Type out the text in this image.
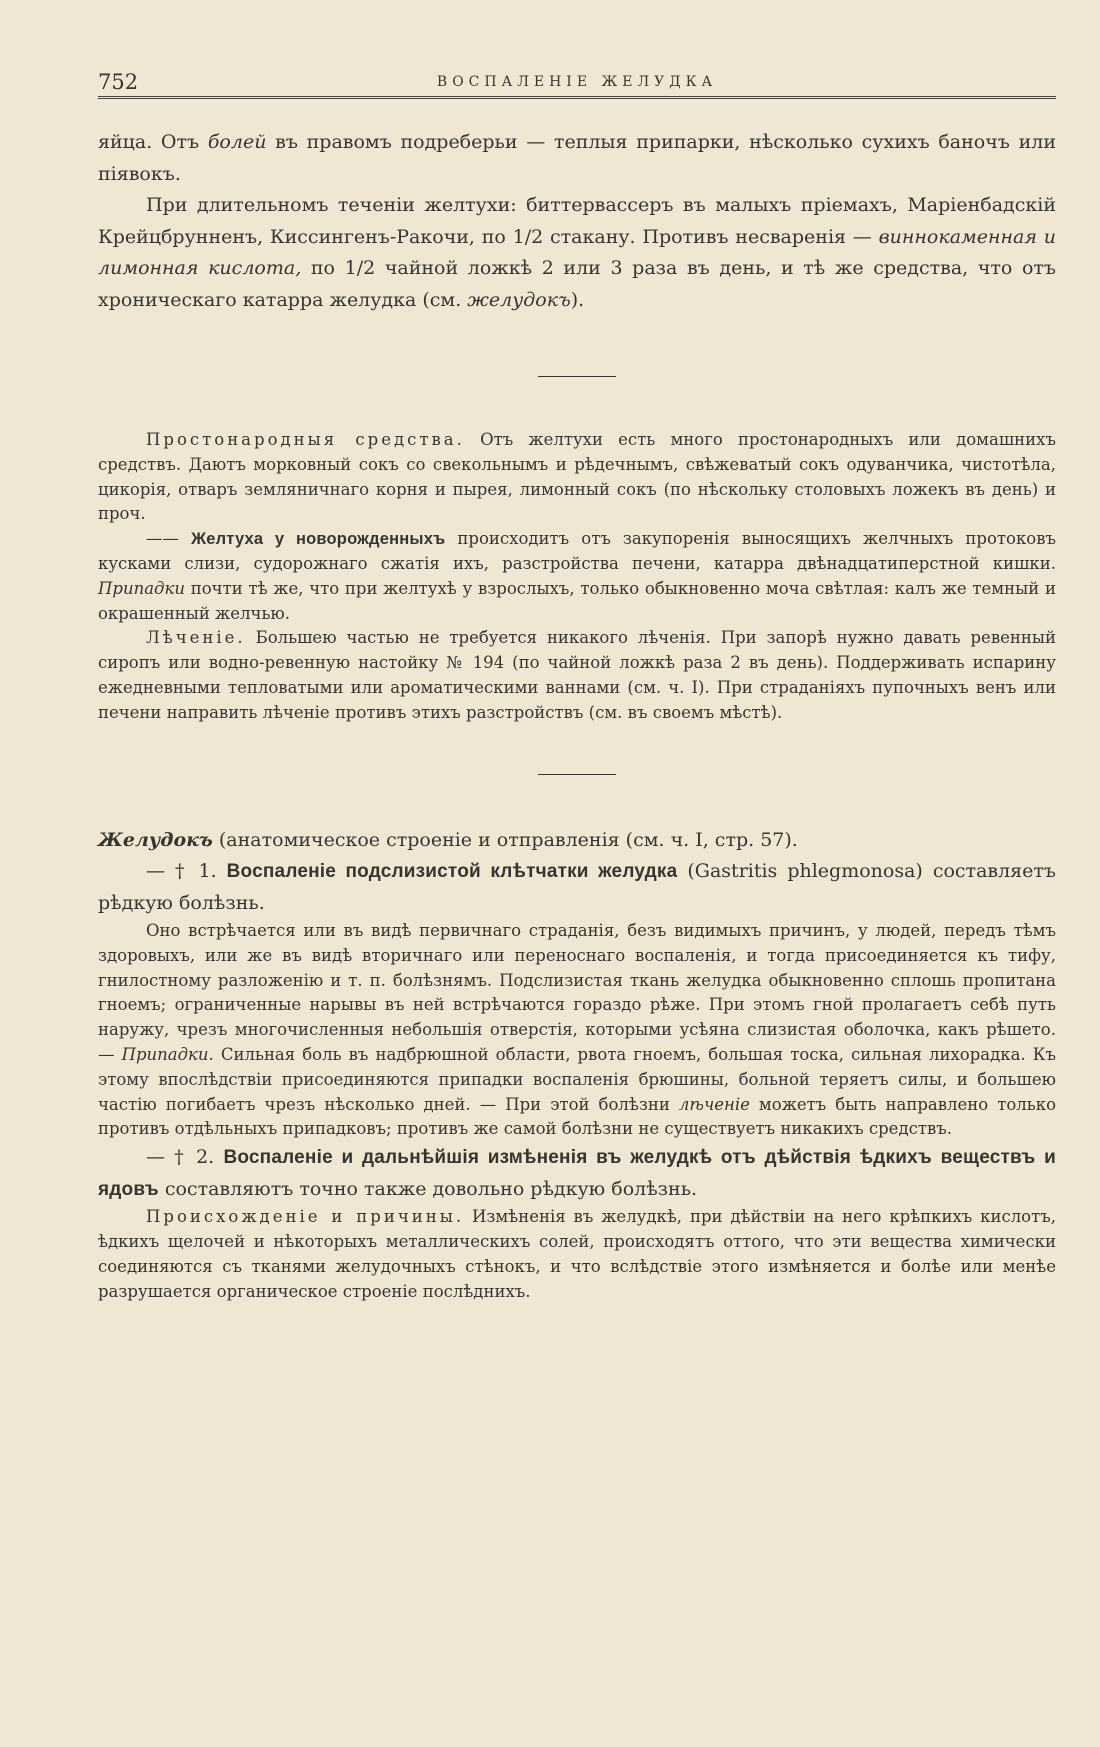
752	ВОСПАЛЕНІЕ ЖЕЛУДКА

яйца. Отъ болей въ правомъ подреберьи — теплыя припарки, нѣсколько сухихъ баночъ или піявокъ.

При длительномъ теченіи желтухи: биттервассеръ въ малыхъ пріемахъ, Маріенбадскій Крейцбрунненъ, Киссингенъ-Ракочи, по 1/2 стакану. Противъ несваренія — виннокаменная и лимонная кислота, по 1/2 чайной ложкѣ 2 или 3 раза въ день, и тѣ же средства, что отъ хроническаго катарра желудка (см. желудокъ).

Простонародныя средства. Отъ желтухи есть много простонародныхъ или домашнихъ средствъ. Даютъ морковный сокъ со свекольнымъ и рѣдечнымъ, свѣжеватый сокъ одуванчика, чистотѣла, цикорія, отваръ земляничнаго корня и пырея, лимонный сокъ (по нѣскольку столовыхъ ложекъ въ день) и проч.

—— Желтуха у новорожденныхъ происходитъ отъ закупоренія выносящихъ желчныхъ протоковъ кусками слизи, судорожнаго сжатія ихъ, разстройства печени, катарра двѣнадцатиперстной кишки. Припадки почти тѣ же, что при желтухѣ у взрослыхъ, только обыкновенно моча свѣтлая: калъ же темный и окрашенный желчью.

Лѣченіе. Большею частью не требуется никакого лѣченія. При запорѣ нужно давать ревенный сиропъ или водно-ревенную настойку № 194 (по чайной ложкѣ раза 2 въ день). Поддерживать испарину ежедневными тепловатыми или ароматическими ваннами (см. ч. I). При страданіяхъ пупочныхъ венъ или печени направить лѣченіе противъ этихъ разстройствъ (см. въ своемъ мѣстѣ).

Желудокъ (анатомическое строеніе и отправленія (см. ч. I, стр. 57).

— † 1. Воспаленіе подслизистой клѣтчатки желудка (Gastritis phlegmonosa) составляетъ рѣдкую болѣзнь.

Оно встрѣчается или въ видѣ первичнаго страданія, безъ видимыхъ причинъ, у людей, передъ тѣмъ здоровыхъ, или же въ видѣ вторичнаго или переноснаго воспаленія, и тогда присоединяется къ тифу, гнилостному разложенію и т. п. болѣзнямъ. Подслизистая ткань желудка обыкновенно сплошь пропитана гноемъ; ограниченные нарывы въ ней встрѣчаются гораздо рѣже. При этомъ гной пролагаетъ себѣ путь наружу, чрезъ многочисленныя небольшія отверстія, которыми усѣяна слизистая оболочка, какъ рѣшето. — Припадки. Сильная боль въ надбрюшной области, рвота гноемъ, большая тоска, сильная лихорадка. Къ этому впослѣдствіи присоединяются припадки воспаленія брюшины, больной теряетъ силы, и большею частію погибаетъ чрезъ нѣсколько дней. — При этой болѣзни лѣченіе можетъ быть направлено только противъ отдѣльныхъ припадковъ; противъ же самой болѣзни не существуетъ никакихъ средствъ.

— † 2. Воспаленіе и дальнѣйшія измѣненія въ желудкѣ отъ дѣйствія ѣдкихъ веществъ и ядовъ составляютъ точно также довольно рѣдкую болѣзнь.

Происхожденіе и причины. Измѣненія въ желудкѣ, при дѣйствіи на него крѣпкихъ кислотъ, ѣдкихъ щелочей и нѣкоторыхъ металлическихъ солей, происходятъ оттого, что эти вещества химически соединяются съ тканями желудочныхъ стѣнокъ, и что вслѣдствіе этого измѣняется и болѣе или менѣе разрушается органическое строеніе послѣднихъ.
